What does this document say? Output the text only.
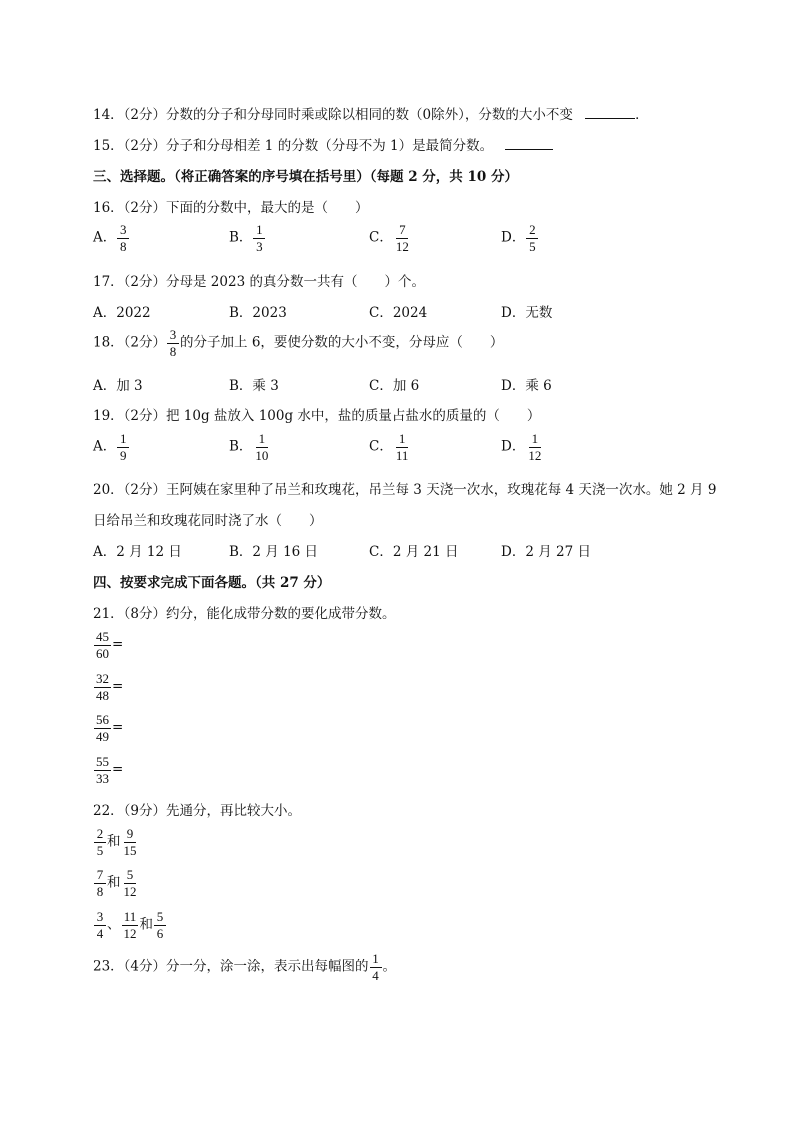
14．（2分）分数的分子和分母同时乘或除以相同的数（0除外），分数的大小不变	．
15．（2分）分子和分母相差 1 的分数（分母不为 1）是最简分数。
三、选择题。（将正确答案的序号填在括号里）（每题 2 分，共 10 分）
16．（2分）下面的分数中，最大的是（　　）
A． $\frac{3}{8}$	B． $\frac{1}{3}$	C． $\frac{7}{12}$	D． $\frac{2}{5}$
17．（2分）分母是 2023 的真分数一共有（　　）个。
A．2022	B．2023	C．2024	D．无数
18．（2分） $\frac{3}{8}$ 的分子加上 6，要使分数的大小不变，分母应（　　）
A．加 3	B．乘 3	C．加 6	D．乘 6
19．（2分）把 10g 盐放入 100g 水中，盐的质量占盐水的质量的（　　）
A． $\frac{1}{9}$	B． $\frac{1}{10}$	C． $\frac{1}{11}$	D． $\frac{1}{12}$
20．（2分）王阿姨在家里种了吊兰和玫瑰花，吊兰每 3 天浇一次水，玫瑰花每 4 天浇一次水。她 2 月 9
日给吊兰和玫瑰花同时浇了水（　　）
A．2 月 12 日	B．2 月 16 日	C．2 月 21 日	D．2 月 27 日
四、按要求完成下面各题。（共 27 分）
21．（8分）约分，能化成带分数的要化成带分数。
$\frac{45}{60}$ =
$\frac{32}{48}$ =
$\frac{56}{49}$ =
$\frac{55}{33}$ =
22．（9分）先通分，再比较大小。
$\frac{2}{5}$ 和 $\frac{9}{15}$
$\frac{7}{8}$ 和 $\frac{5}{12}$
$\frac{3}{4}$ 、 $\frac{11}{12}$ 和 $\frac{5}{6}$
23．（4分）分一分，涂一涂，表示出每幅图的 $\frac{1}{4}$ 。
